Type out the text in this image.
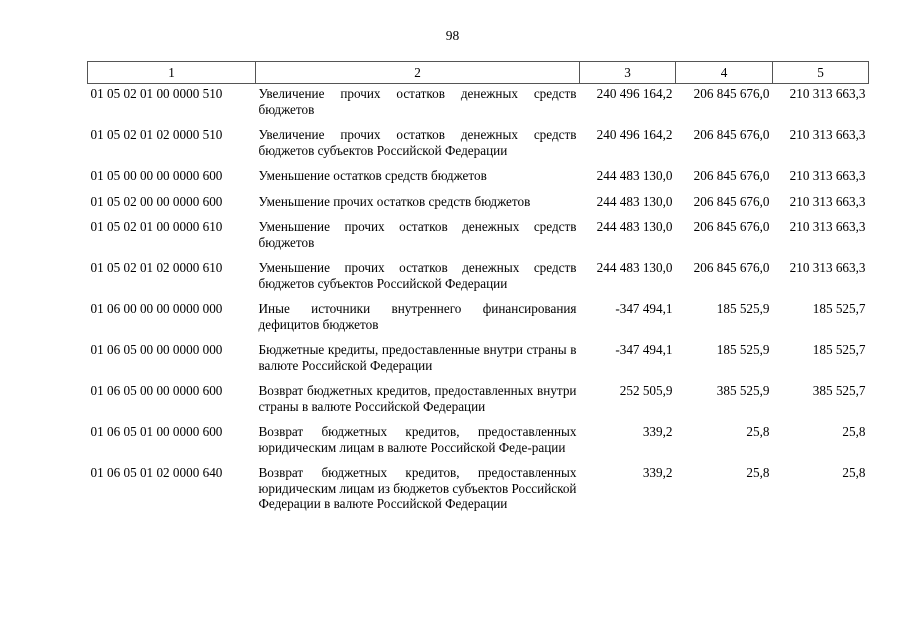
98
1	2	3	4	5
01 05 02 01 00 0000 510	Увеличение прочих остатков денежных средств бюджетов	240 496 164,2	206 845 676,0	210 313 663,3
01 05 02 01 02 0000 510	Увеличение прочих остатков денежных средств бюджетов субъектов Российской Федерации	240 496 164,2	206 845 676,0	210 313 663,3
01 05 00 00 00 0000 600	Уменьшение остатков средств бюджетов	244 483 130,0	206 845 676,0	210 313 663,3
01 05 02 00 00 0000 600	Уменьшение прочих остатков средств бюджетов	244 483 130,0	206 845 676,0	210 313 663,3
01 05 02 01 00 0000 610	Уменьшение прочих остатков денежных средств бюджетов	244 483 130,0	206 845 676,0	210 313 663,3
01 05 02 01 02 0000 610	Уменьшение прочих остатков денежных средств бюджетов субъектов Российской Федерации	244 483 130,0	206 845 676,0	210 313 663,3
01 06 00 00 00 0000 000	Иные источники внутреннего финансирования дефицитов бюджетов	-347 494,1	185 525,9	185 525,7
01 06 05 00 00 0000 000	Бюджетные кредиты, предоставленные внутри страны в валюте Российской Федерации	-347 494,1	185 525,9	185 525,7
01 06 05 00 00 0000 600	Возврат бюджетных кредитов, предоставленных внутри страны в валюте Российской Федерации	252 505,9	385 525,9	385 525,7
01 06 05 01 00 0000 600	Возврат бюджетных кредитов, предоставленных юридическим лицам в валюте Российской Феде-рации	339,2	25,8	25,8
01 06 05 01 02 0000 640	Возврат бюджетных кредитов, предоставленных юридическим лицам из бюджетов субъектов Российской Федерации в валюте Российской Федерации	339,2	25,8	25,8
